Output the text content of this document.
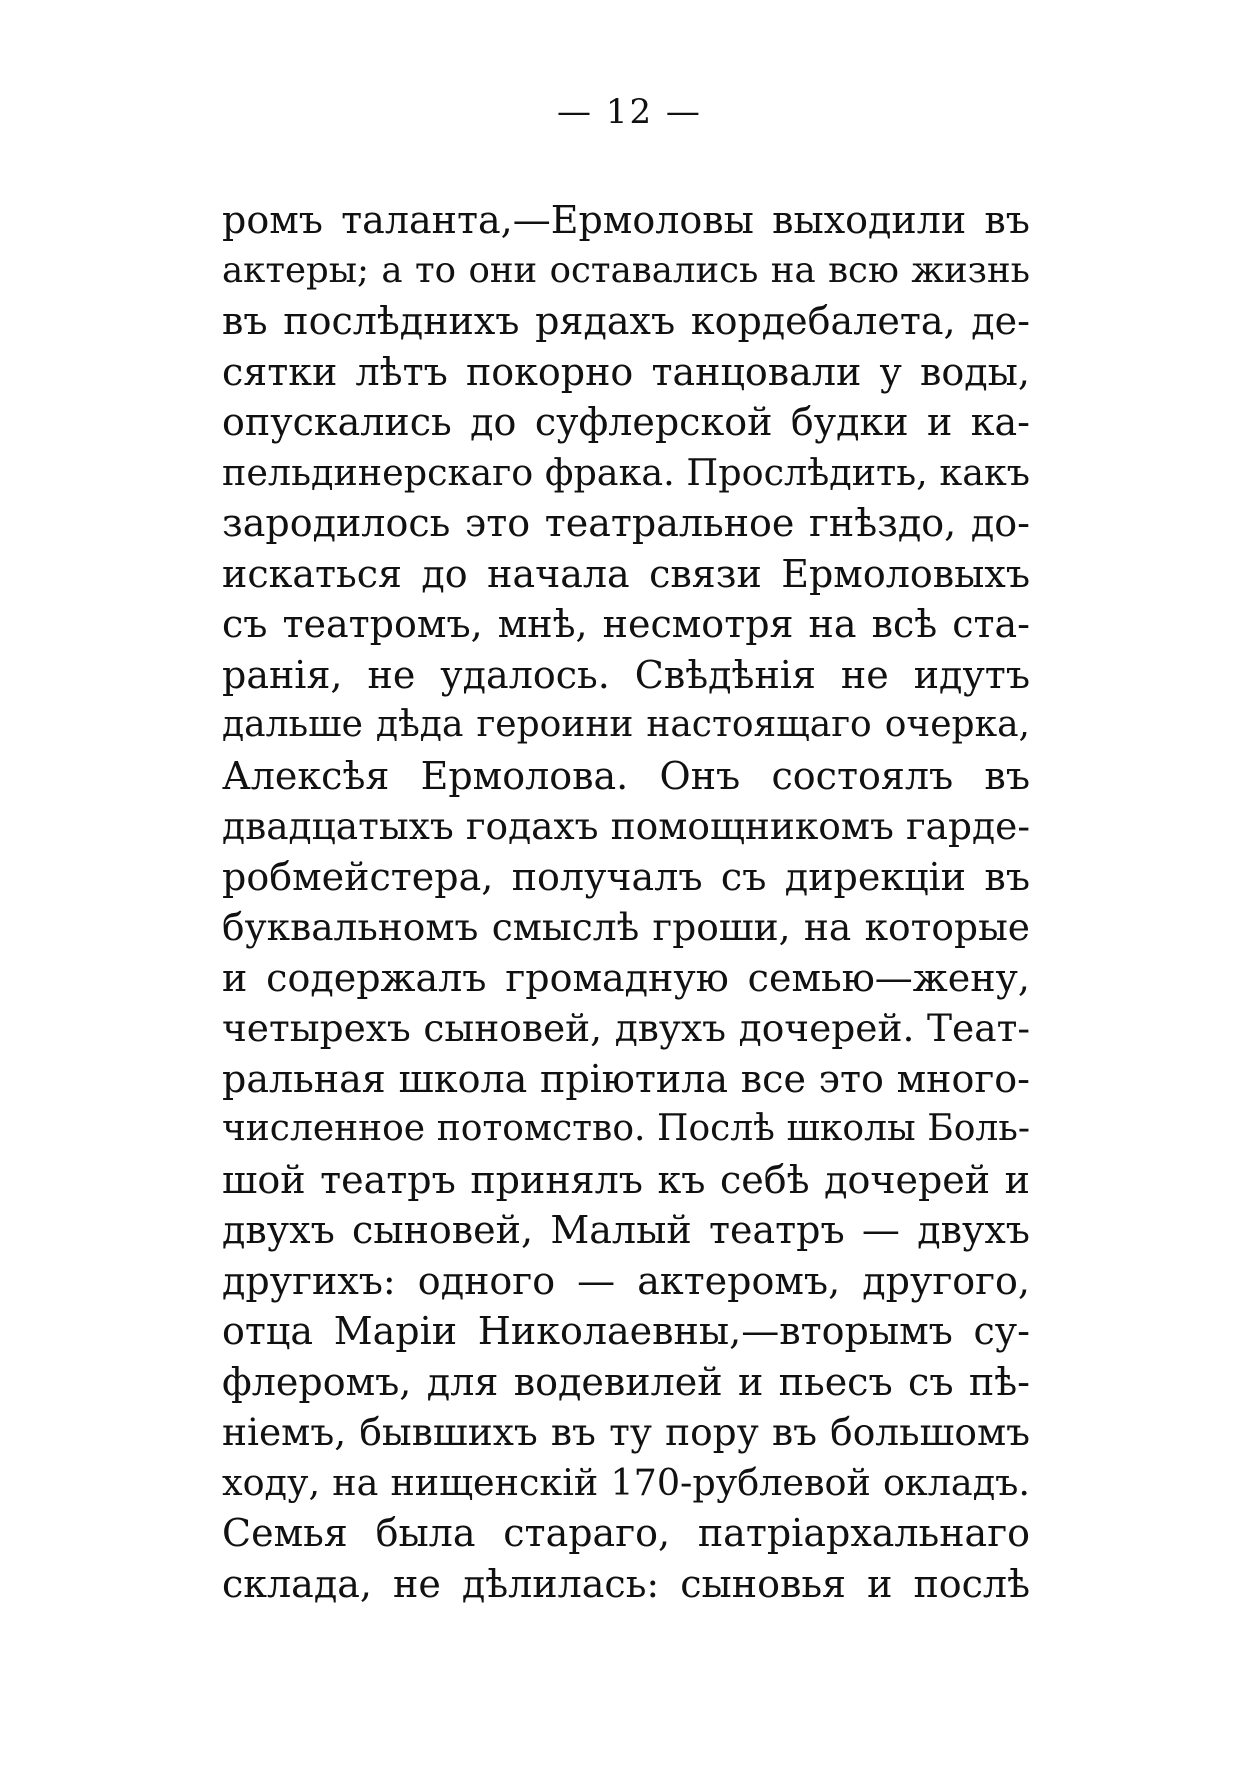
— 12 —
ромъ таланта,—Ермоловы выходили въ
актеры; а то они оставались на всю жизнь
въ послѣднихъ рядахъ кордебалета, де-
сятки лѣтъ покорно танцовали у воды,
опускались до суфлерской будки и ка-
пельдинерскаго фрака. Прослѣдить, какъ
зародилось это театральное гнѣздо, до-
искаться до начала связи Ермоловыхъ
съ театромъ, мнѣ, несмотря на всѣ ста-
ранія, не удалось. Свѣдѣнія не идутъ
дальше дѣда героини настоящаго очерка,
Алексѣя Ермолова. Онъ состоялъ въ
двадцатыхъ годахъ помощникомъ гарде-
робмейстера, получалъ съ дирекціи въ
буквальномъ смыслѣ гроши, на которые
и содержалъ громадную семью—жену,
четырехъ сыновей, двухъ дочерей. Теат-
ральная школа пріютила все это много-
численное потомство. Послѣ школы Боль-
шой театръ принялъ къ себѣ дочерей и
двухъ сыновей, Малый театръ — двухъ
другихъ: одного — актеромъ, другого,
отца Маріи Николаевны,—вторымъ су-
флеромъ, для водевилей и пьесъ съ пѣ-
ніемъ, бывшихъ въ ту пору въ большомъ
ходу, на нищенскій 170-рублевой окладъ.
Семья была стараго, патріархальнаго
склада, не дѣлилась: сыновья и послѣ
